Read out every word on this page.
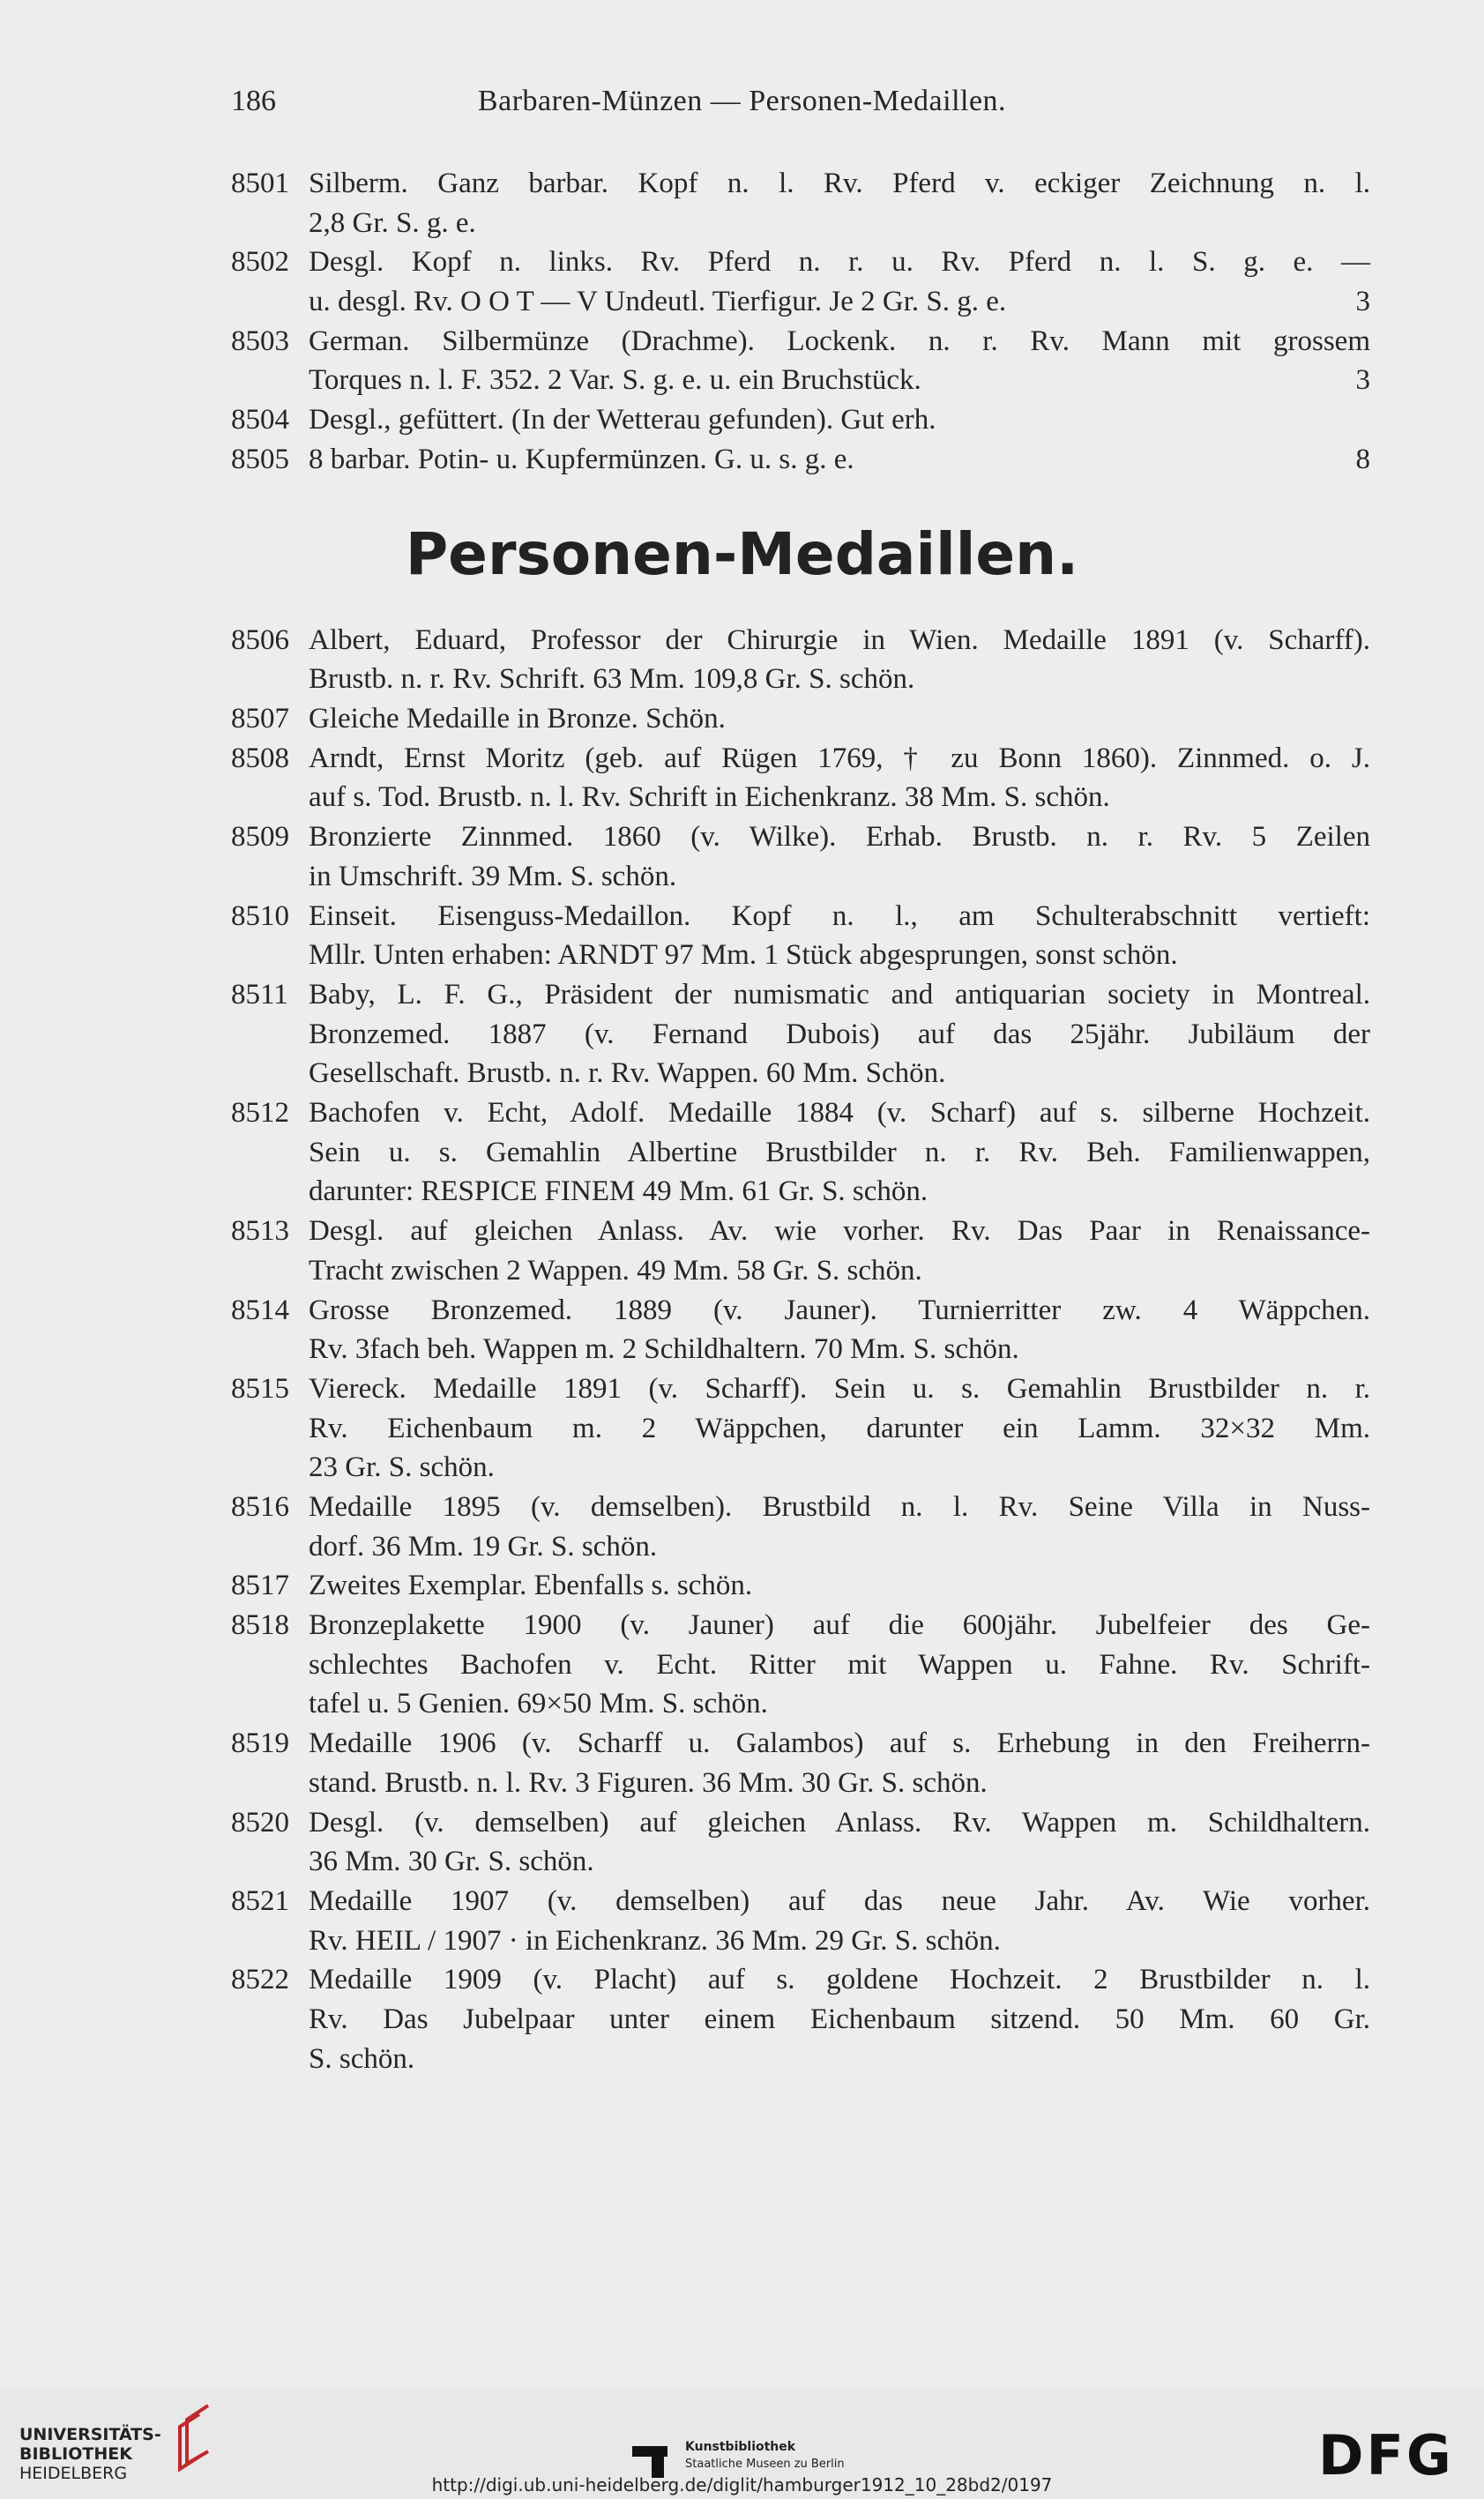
186	Barbaren-Münzen — Personen-Medaillen.
Personen-Medaillen.
8501 Silberm. Ganz barbar. Kopf n. l. Rv. Pferd v. eckiger Zeichnung n. l.
2,8 Gr. S. g. e.
8502 Desgl. Kopf n. links. Rv. Pferd n. r. u. Rv. Pferd n. l. S. g. e. —
u. desgl. Rv. O O T — V Undeutl. Tierfigur. Je 2 Gr. S. g. e.	3
8503 German. Silbermünze (Drachme). Lockenk. n. r. Rv. Mann mit grossem
Torques n. l. F. 352. 2 Var. S. g. e. u. ein Bruchstück.	3
8504 Desgl., gefüttert. (In der Wetterau gefunden). Gut erh.
8505 8 barbar. Potin- u. Kupfermünzen. G. u. s. g. e.	8
8506 Albert, Eduard, Professor der Chirurgie in Wien. Medaille 1891 (v. Scharff).
Brustb. n. r. Rv. Schrift. 63 Mm. 109,8 Gr. S. schön.
8507 Gleiche Medaille in Bronze. Schön.
8508 Arndt, Ernst Moritz (geb. auf Rügen 1769, † zu Bonn 1860). Zinnmed. o. J.
auf s. Tod. Brustb. n. l. Rv. Schrift in Eichenkranz. 38 Mm. S. schön.
8509 Bronzierte Zinnmed. 1860 (v. Wilke). Erhab. Brustb. n. r. Rv. 5 Zeilen
in Umschrift. 39 Mm. S. schön.
8510 Einseit. Eisenguss-Medaillon. Kopf n. l., am Schulterabschnitt vertieft:
Mllr. Unten erhaben: ARNDT 97 Mm. 1 Stück abgesprungen, sonst schön.
8511 Baby, L. F. G., Präsident der numismatic and antiquarian society in Montreal.
Bronzemed. 1887 (v. Fernand Dubois) auf das 25jähr. Jubiläum der
Gesellschaft. Brustb. n. r. Rv. Wappen. 60 Mm. Schön.
8512 Bachofen v. Echt, Adolf. Medaille 1884 (v. Scharf) auf s. silberne Hochzeit.
Sein u. s. Gemahlin Albertine Brustbilder n. r. Rv. Beh. Familienwappen,
darunter: RESPICE FINEM 49 Mm. 61 Gr. S. schön.
8513 Desgl. auf gleichen Anlass. Av. wie vorher. Rv. Das Paar in Renaissance-
Tracht zwischen 2 Wappen. 49 Mm. 58 Gr. S. schön.
8514 Grosse Bronzemed. 1889 (v. Jauner). Turnierritter zw. 4 Wäppchen.
Rv. 3fach beh. Wappen m. 2 Schildhaltern. 70 Mm. S. schön.
8515 Viereck. Medaille 1891 (v. Scharff). Sein u. s. Gemahlin Brustbilder n. r.
Rv. Eichenbaum m. 2 Wäppchen, darunter ein Lamm. 32×32 Mm.
23 Gr. S. schön.
8516 Medaille 1895 (v. demselben). Brustbild n. l. Rv. Seine Villa in Nuss-
dorf. 36 Mm. 19 Gr. S. schön.
8517 Zweites Exemplar. Ebenfalls s. schön.
8518 Bronzeplakette 1900 (v. Jauner) auf die 600jähr. Jubelfeier des Ge-
schlechtes Bachofen v. Echt. Ritter mit Wappen u. Fahne. Rv. Schrift-
tafel u. 5 Genien. 69×50 Mm. S. schön.
8519 Medaille 1906 (v. Scharff u. Galambos) auf s. Erhebung in den Freiherrn-
stand. Brustb. n. l. Rv. 3 Figuren. 36 Mm. 30 Gr. S. schön.
8520 Desgl. (v. demselben) auf gleichen Anlass. Rv. Wappen m. Schildhaltern.
36 Mm. 30 Gr. S. schön.
8521 Medaille 1907 (v. demselben) auf das neue Jahr. Av. Wie vorher.
Rv. HEIL / 1907 · in Eichenkranz. 36 Mm. 29 Gr. S. schön.
8522 Medaille 1909 (v. Placht) auf s. goldene Hochzeit. 2 Brustbilder n. l.
Rv. Das Jubelpaar unter einem Eichenbaum sitzend. 50 Mm. 60 Gr.
S. schön.
UNIVERSITÄTS-
BIBLIOTHEK
HEIDELBERG
Kunstbibliothek
Staatliche Museen zu Berlin	DFG
http://digi.ub.uni-heidelberg.de/diglit/hamburger1912_10_28bd2/0197
